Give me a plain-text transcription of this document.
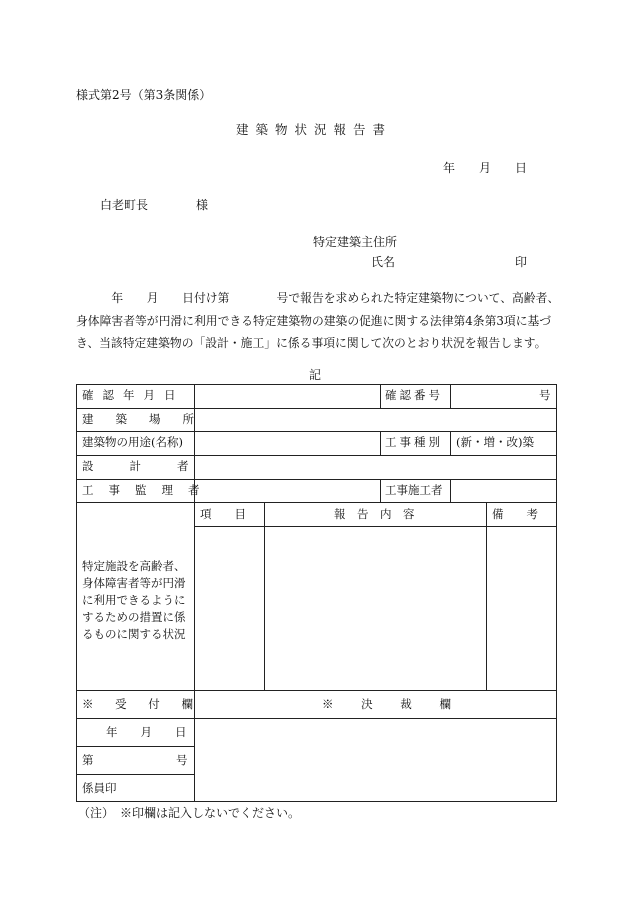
様式第2号（第3条関係）
建築物状況報告書
年　　月　　日
白老町長　　　　様
特定建築主住所
氏名	印

　　　年　　月　　日付け第　　　　号で報告を求められた特定建築物について、高齢者、

身体障害者等が円滑に利用できる特定建築物の建築の促進に関する法律第4条第3項に基づ

き、当該特定建築物の「設計・施工」に係る事項に関して次のとおり状況を報告します。

記
確認年月日	確認番号	号
建築場所
建築物の用途(名称)	工事種別 (新・増・改)築
設計者
工事監理者	工事施工者
特定施設を高齢者、
身体障害者等が円滑
に利用できるように
するための措置に係
るものに関する状況
項　　目	報　告　内　容	備　　考
※ 受 付 欄	※ 決 裁 欄
年　　月　　日
第	号
係員印
（注）　※印欄は記入しないでください。
